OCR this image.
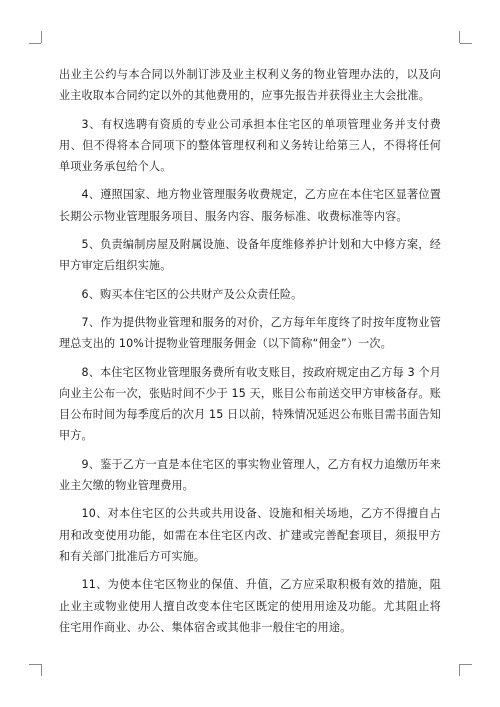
出业主公约与本合同以外制订涉及业主权利义务的物业管理办法的，以及向业主收取本合同约定以外的其他费用的，应事先报告并获得业主大会批准。

3、有权选聘有资质的专业公司承担本住宅区的单项管理业务并支付费用、但不得将本合同项下的整体管理权利和义务转让给第三人，不得将任何单项业务承包给个人。

4、遵照国家、地方物业管理服务收费规定，乙方应在本住宅区显著位置长期公示物业管理服务项目、服务内容、服务标准、收费标准等内容。

5、负责编制房屋及附属设施、设备年度维修养护计划和大中修方案，经甲方审定后组织实施。

6、购买本住宅区的公共财产及公众责任险。

7、作为提供物业管理和服务的对价，乙方每年年度终了时按年度物业管理总支出的 10%计提物业管理服务佣金（以下简称“佣金”）一次。

8、本住宅区物业管理服务费所有收支账目，按政府规定由乙方每 3 个月向业主公布一次，张贴时间不少于 15 天，账目公布前送交甲方审核备存。账目公布时间为每季度后的次月 15 日以前，特殊情况延迟公布账目需书面告知甲方。

9、鉴于乙方一直是本住宅区的事实物业管理人，乙方有权力追缴历年来业主欠缴的物业管理费用。

10、对本住宅区的公共或共用设备、设施和相关场地，乙方不得擅自占用和改变使用功能，如需在本住宅区内改、扩建或完善配套项目，须报甲方和有关部门批准后方可实施。

11、为使本住宅区物业的保值、升值，乙方应采取积极有效的措施，阻止业主或物业使用人擅自改变本住宅区既定的使用用途及功能。尤其阻止将住宅用作商业、办公、集体宿舍或其他非一般住宅的用途。
